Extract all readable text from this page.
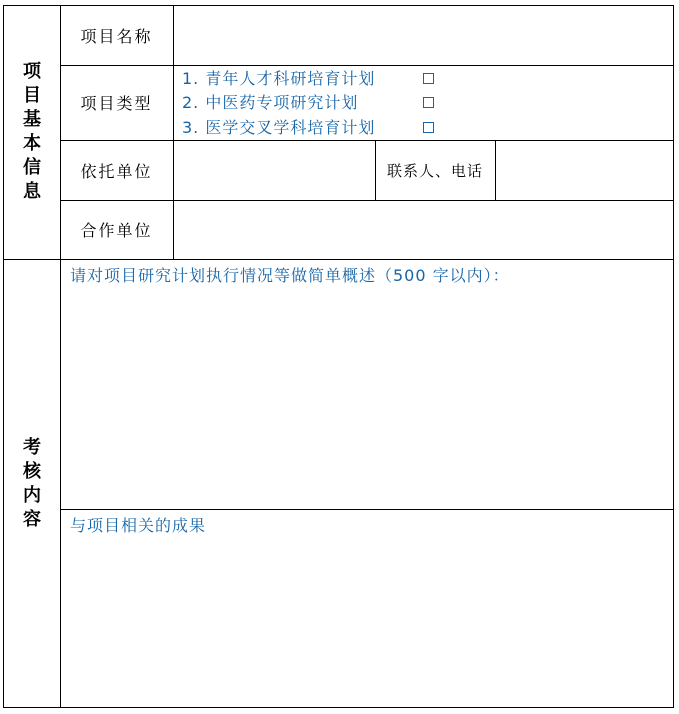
项
目
基
本
信
息
考
核
内
容
项目名称
项目类型
依托单位	联系人、电话
合作单位
1. 青年人才科研培育计划
2. 中医药专项研究计划
3. 医学交叉学科培育计划
请对项目研究计划执行情况等做简单概述（500 字以内）：
与项目相关的成果
